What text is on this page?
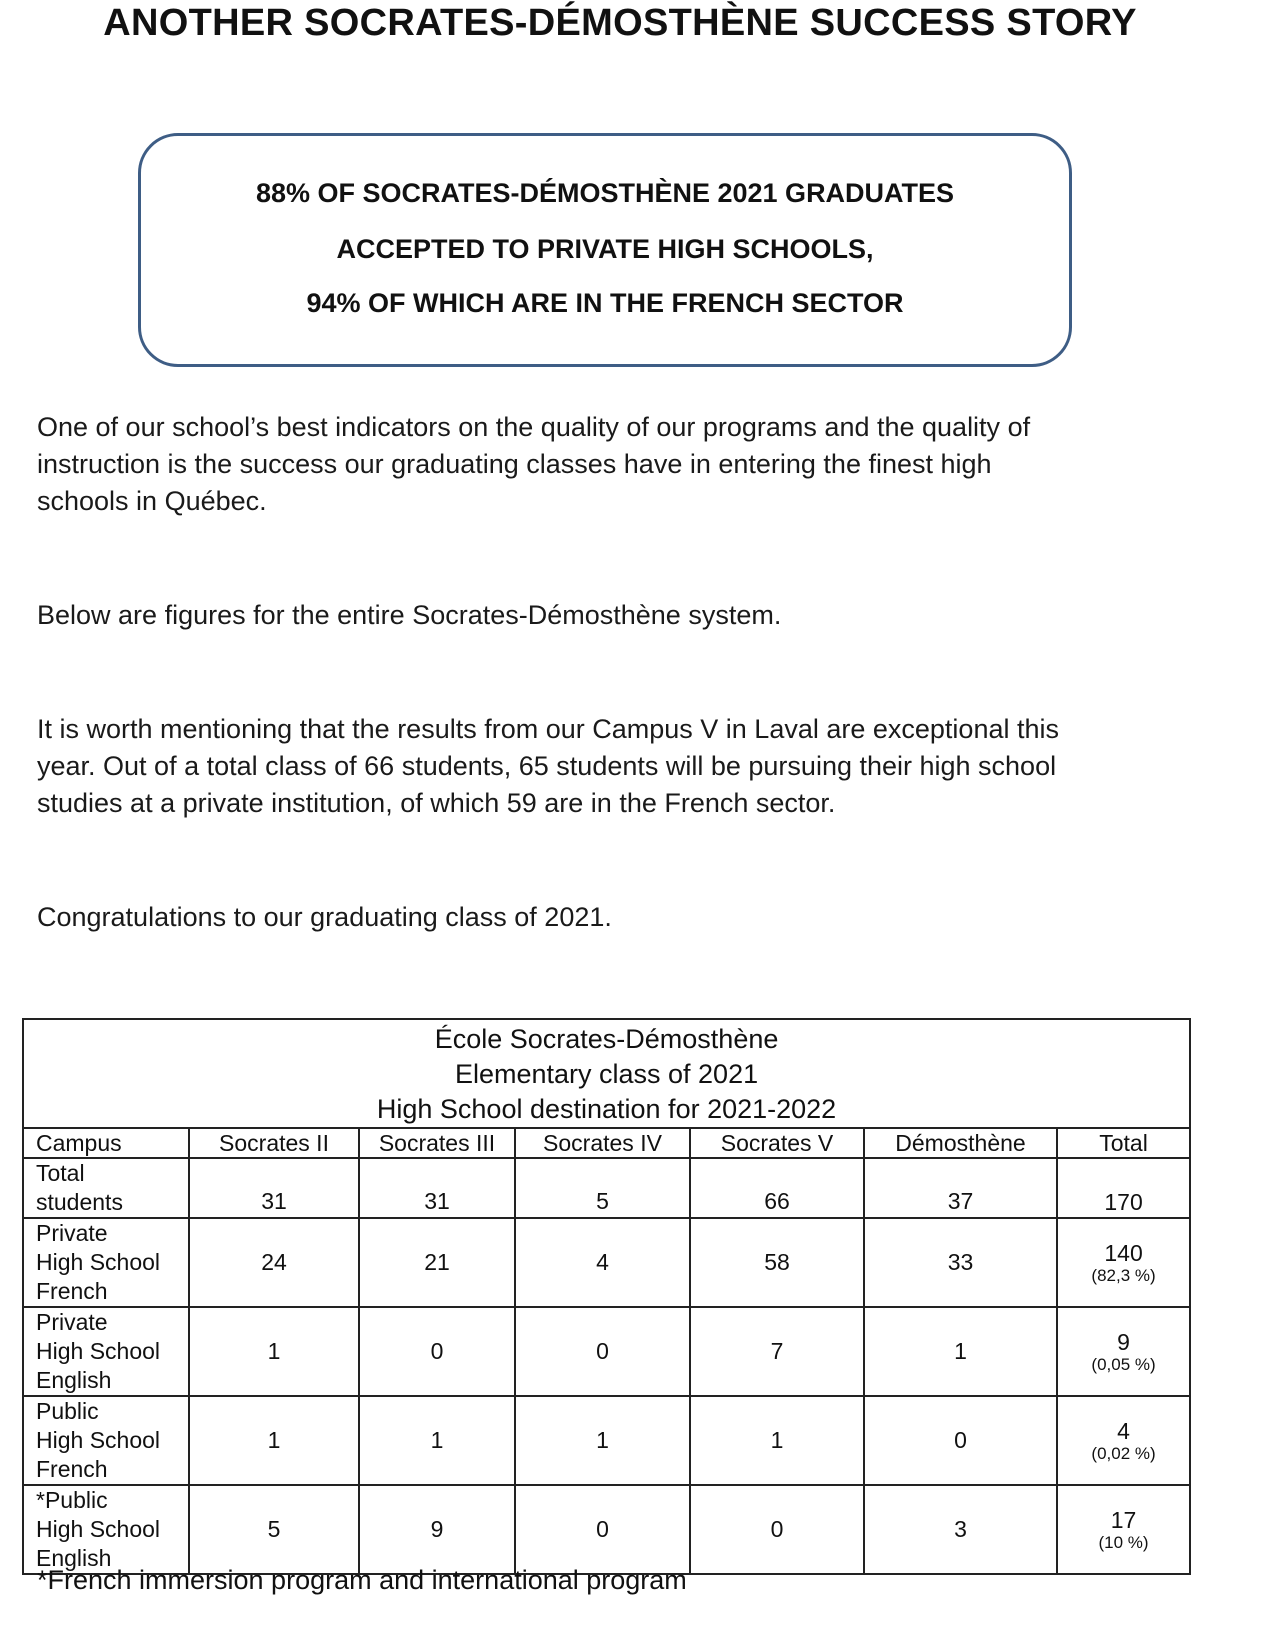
ANOTHER SOCRATES-DÉMOSTHÈNE SUCCESS STORY
88% OF SOCRATES-DÉMOSTHÈNE 2021 GRADUATES
ACCEPTED TO PRIVATE HIGH SCHOOLS,
94% OF WHICH ARE IN THE FRENCH SECTOR
One of our school’s best indicators on the quality of our programs and the quality of
instruction is the success our graduating classes have in entering the finest high
schools in Québec.
Below are figures for the entire Socrates-Démosthène system.
It is worth mentioning that the results from our Campus V in Laval are exceptional this
year. Out of a total class of 66 students, 65 students will be pursuing their high school
studies at a private institution, of which 59 are in the French sector.
Congratulations to our graduating class of 2021.
École Socrates-Démosthène
Elementary class of 2021
High School destination for 2021-2022						

Campus	Socrates II	Socrates III	Socrates IV	Socrates V	Démosthène	Total

Total
students	31	31	5	66	37	170

Private
High School
French	24	21	4	58	33	140
(82,3 %)

Private
High School
English	1	0	0	7	1	9
(0,05 %)

Public
High School
French	1	1	1	1	0	4
(0,02 %)

*Public
High School
English	5	9	0	0	3	17
(10 %)
*French immersion program and international program
